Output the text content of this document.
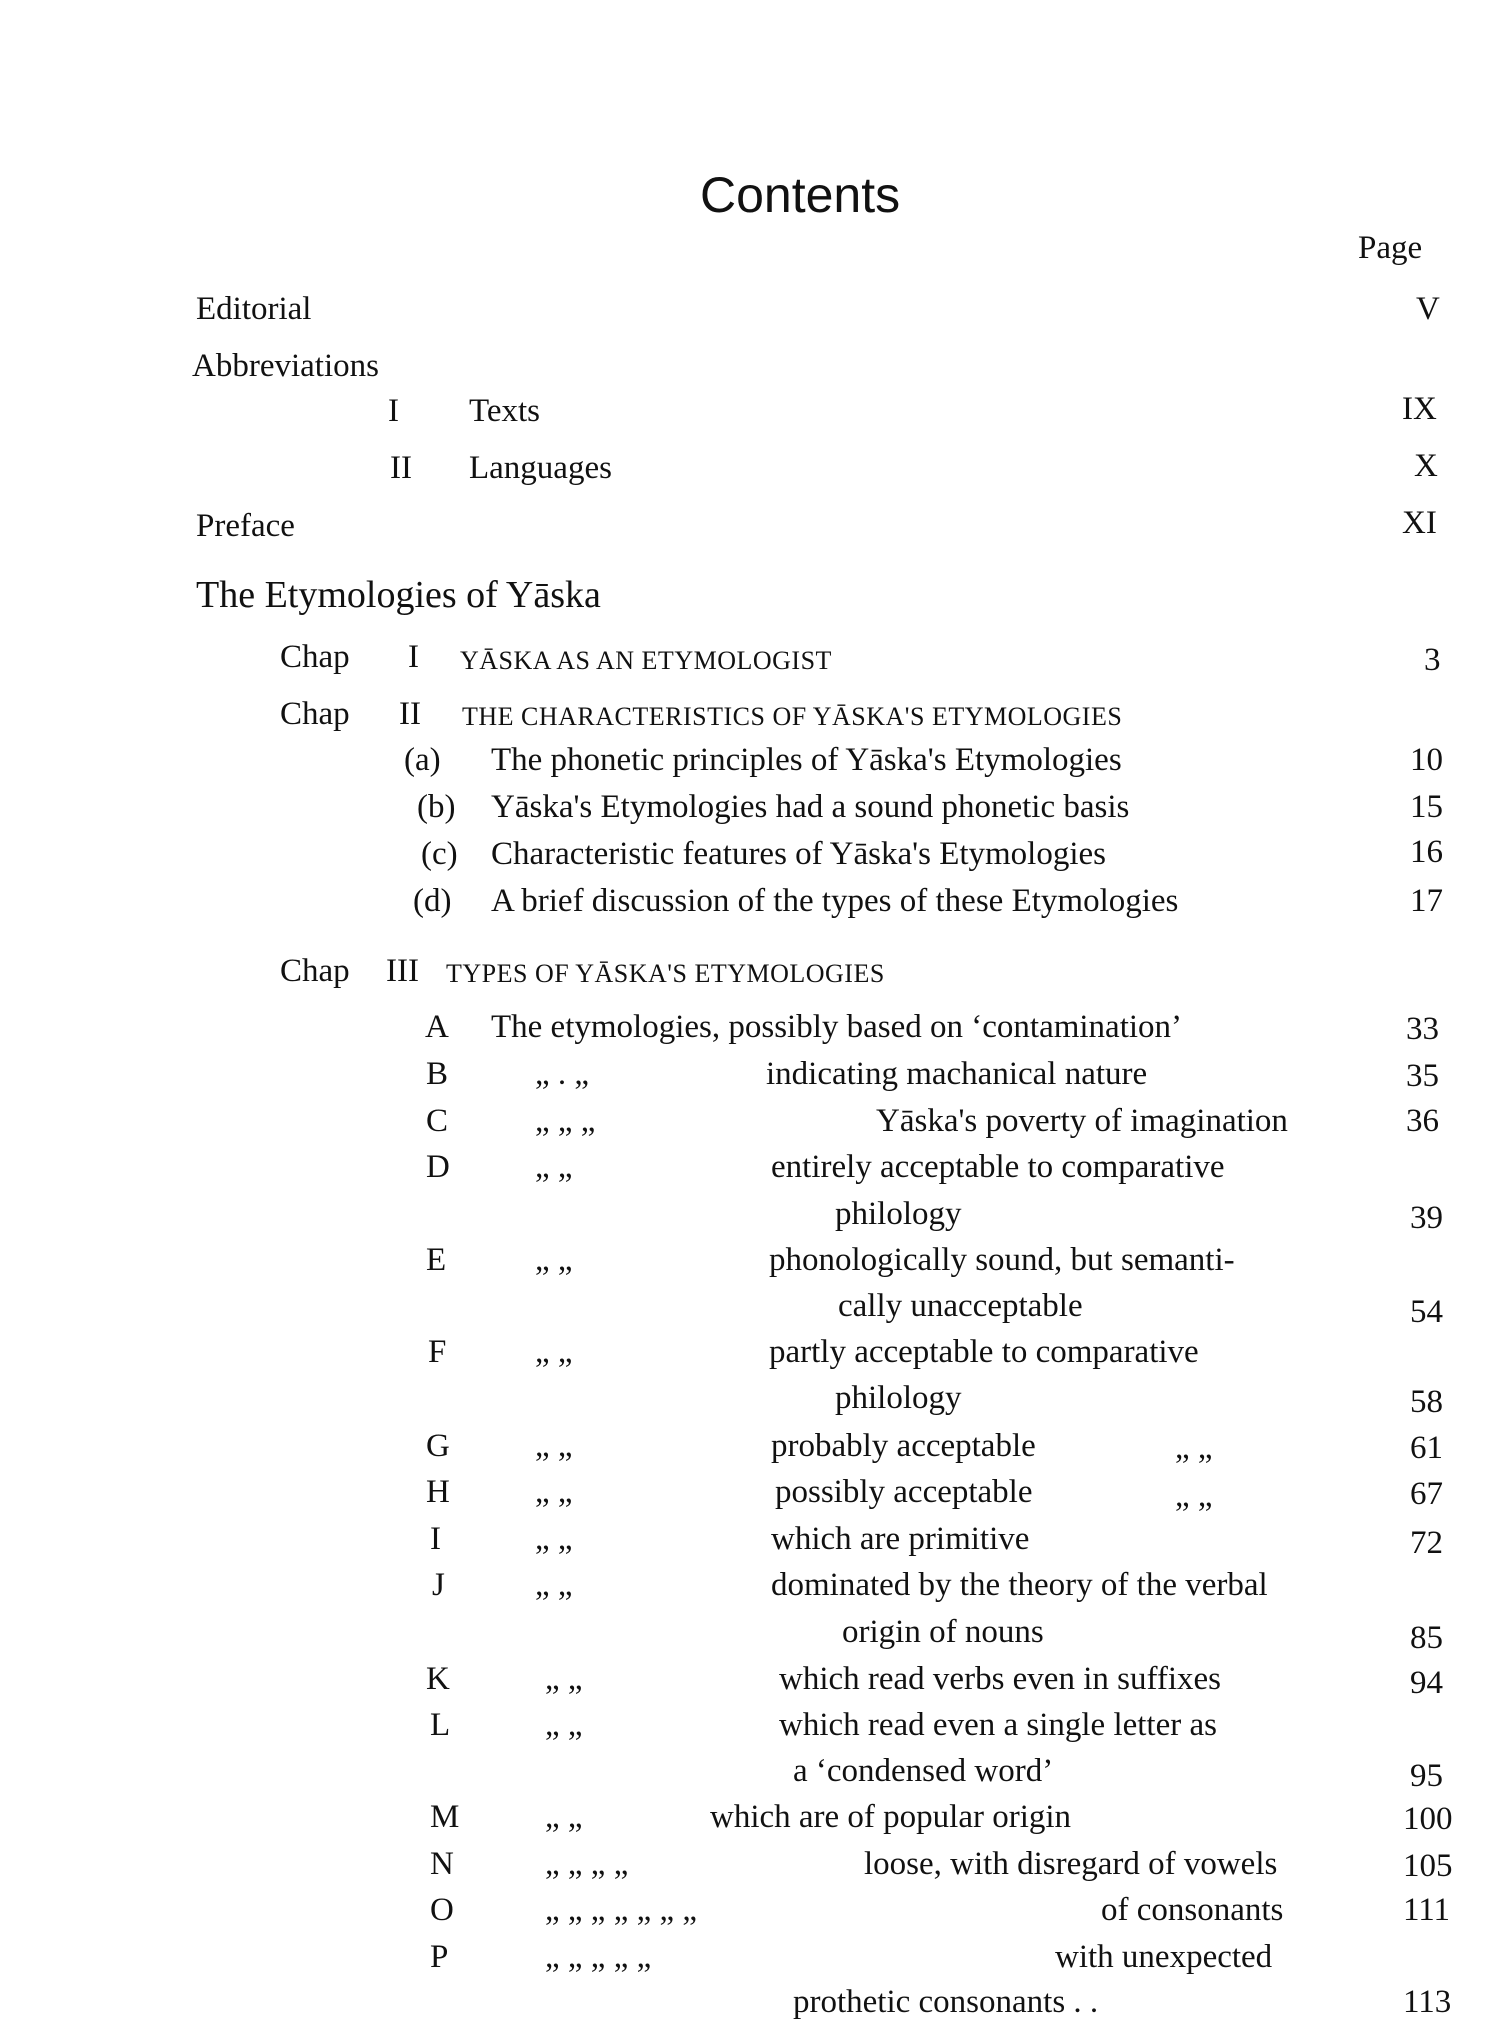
Contents
Page
Editorial	V
Abbreviations
I Texts	IX
II Languages	X
Preface	XI
The Etymologies of Yāska
Chap I YĀSKA AS AN ETYMOLOGIST	3
Chap II THE CHARACTERISTICS OF YĀSKA'S ETYMOLOGIES
(a) The phonetic principles of Yāska's Etymologies	10
(b) Yāska's Etymologies had a sound phonetic basis	15
(c) Characteristic features of Yāska's Etymologies	16
(d) A brief discussion of the types of these Etymologies	17
Chap III TYPES OF YĀSKA'S ETYMOLOGIES
A The etymologies, possibly based on ‘contamination’	33
B	„ . „	indicating machanical nature	35
C	„ „ „	Yāska's poverty of imagination	36
D	„ „	entirely acceptable to comparative
philology	39
E	„ „	phonologically sound, but semanti-
cally unacceptable	54
F	„ „	partly acceptable to comparative
philology	58
G	„ „	probably acceptable	„ „	61
H	„ „	possibly acceptable	„ „	67
I	„ „	which are primitive	72
J	„ „	dominated by the theory of the verbal
origin of nouns	85
K	„ „	which read verbs even in suffixes	94
L	„ „	which read even a single letter as
a ‘condensed word’	95
M	„ „	which are of popular origin	100
N	„ „ „ „	loose, with disregard of vowels	105
O	„ „ „ „ „ „ „	of consonants	111
P	„ „ „ „ „	with unexpected
prothetic consonants . .	113
